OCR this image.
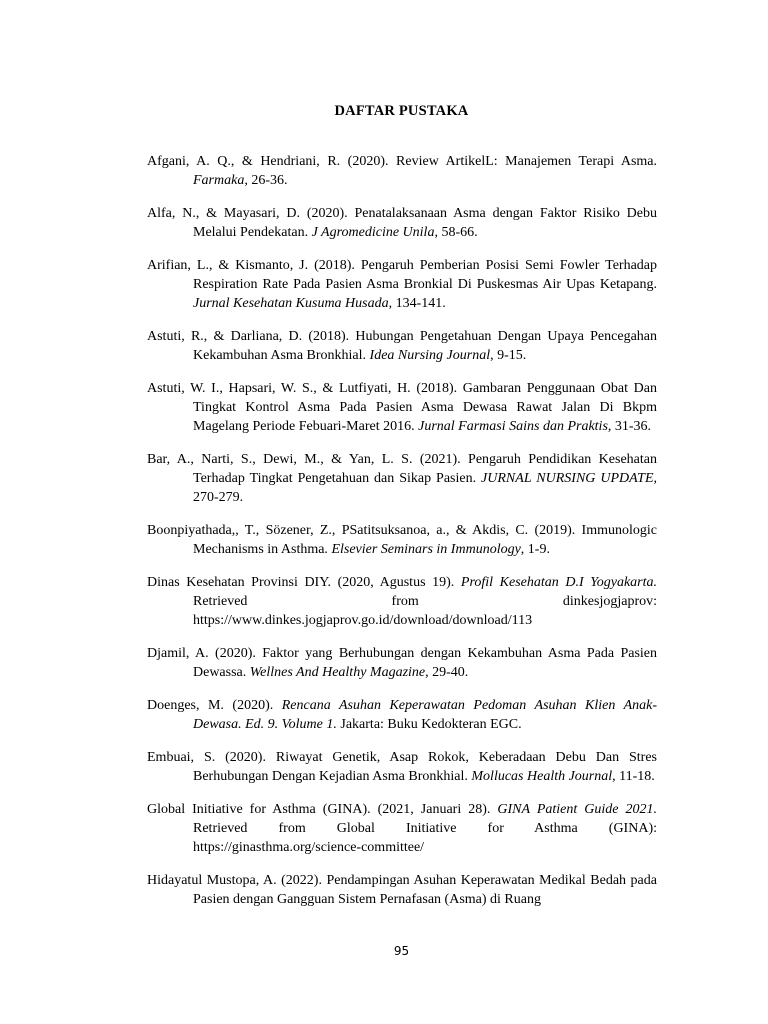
DAFTAR PUSTAKA

Afgani, A. Q., & Hendriani, R. (2020). Review ArtikelL: Manajemen Terapi Asma. Farmaka, 26-36.

Alfa, N., & Mayasari, D. (2020). Penatalaksanaan Asma dengan Faktor Risiko Debu Melalui Pendekatan. J Agromedicine Unila, 58-66.

Arifian, L., & Kismanto, J. (2018). Pengaruh Pemberian Posisi Semi Fowler Terhadap Respiration Rate Pada Pasien Asma Bronkial Di Puskesmas Air Upas Ketapang. Jurnal Kesehatan Kusuma Husada, 134-141.

Astuti, R., & Darliana, D. (2018). Hubungan Pengetahuan Dengan Upaya Pencegahan Kekambuhan Asma Bronkhial. Idea Nursing Journal, 9-15.

Astuti, W. I., Hapsari, W. S., & Lutfiyati, H. (2018). Gambaran Penggunaan Obat Dan Tingkat Kontrol Asma Pada Pasien Asma Dewasa Rawat Jalan Di Bkpm Magelang Periode Febuari-Maret 2016. Jurnal Farmasi Sains dan Praktis, 31-36.

Bar, A., Narti, S., Dewi, M., & Yan, L. S. (2021). Pengaruh Pendidikan Kesehatan Terhadap Tingkat Pengetahuan dan Sikap Pasien. JURNAL NURSING UPDATE, 270-279.

Boonpiyathada,, T., Sözener, Z., PSatitsuksanoa, a., & Akdis, C. (2019). Immunologic Mechanisms in Asthma. Elsevier Seminars in Immunology, 1-9.

Dinas Kesehatan Provinsi DIY. (2020, Agustus 19). Profil Kesehatan D.I Yogyakarta. Retrieved from dinkesjogjaprov: https://www.dinkes.jogjaprov.go.id/download/download/113

Djamil, A. (2020). Faktor yang Berhubungan dengan Kekambuhan Asma Pada Pasien Dewassa. Wellnes And Healthy Magazine, 29-40.

Doenges, M. (2020). Rencana Asuhan Keperawatan Pedoman Asuhan Klien Anak-Dewasa. Ed. 9. Volume 1. Jakarta: Buku Kedokteran EGC.

Embuai, S. (2020). Riwayat Genetik, Asap Rokok, Keberadaan Debu Dan Stres Berhubungan Dengan Kejadian Asma Bronkhial. Mollucas Health Journal, 11-18.

Global Initiative for Asthma (GINA). (2021, Januari 28). GINA Patient Guide 2021. Retrieved from Global Initiative for Asthma (GINA): https://ginasthma.org/science-committee/

Hidayatul Mustopa, A. (2022). Pendampingan Asuhan Keperawatan Medikal Bedah pada Pasien dengan Gangguan Sistem Pernafasan (Asma) di Ruang

95
